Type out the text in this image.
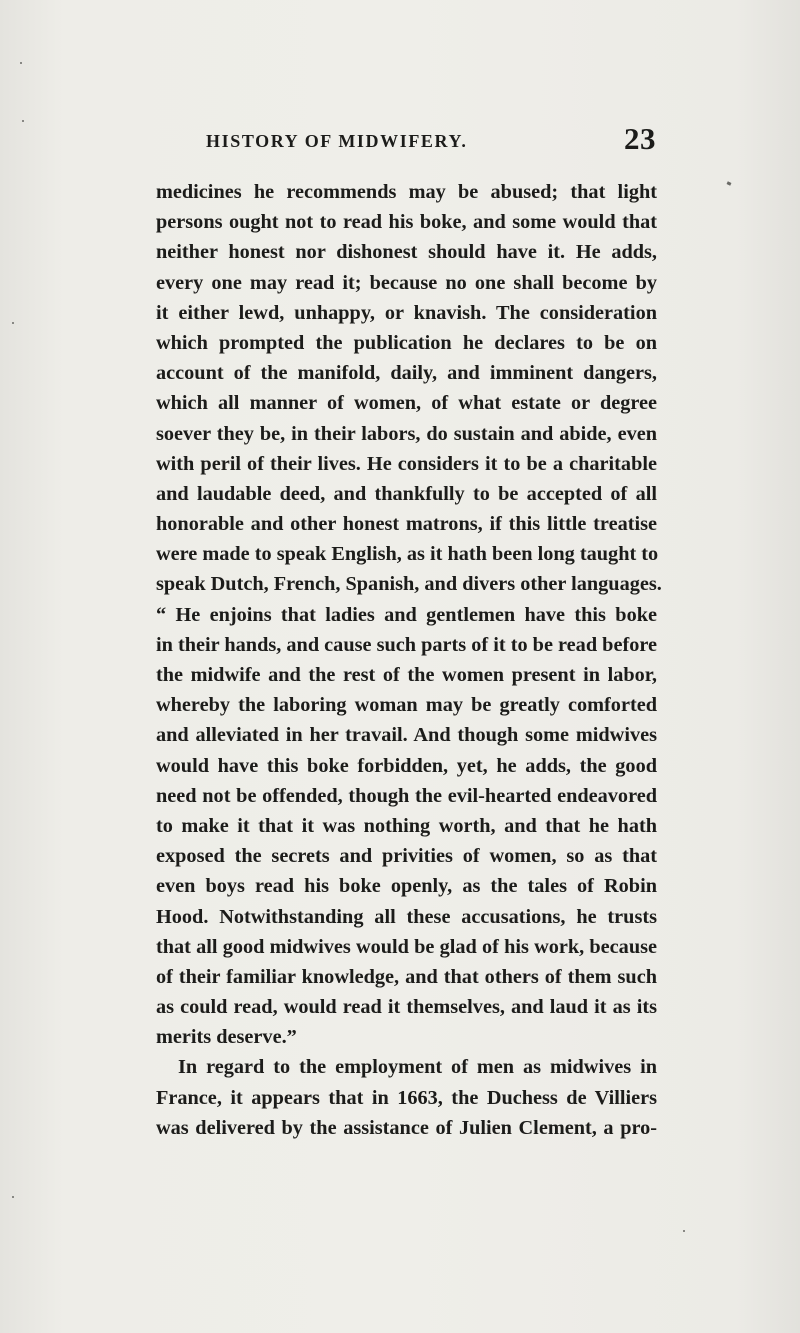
HISTORY OF MIDWIFERY.	23
medicines he recommends may be abused; that light
persons ought not to read his boke, and some would that
neither honest nor dishonest should have it. He adds,
every one may read it; because no one shall become by
it either lewd, unhappy, or knavish. The consideration
which prompted the publication he declares to be on
account of the manifold, daily, and imminent dangers,
which all manner of women, of what estate or degree
soever they be, in their labors, do sustain and abide, even
with peril of their lives. He considers it to be a charitable
and laudable deed, and thankfully to be accepted of all
honorable and other honest matrons, if this little treatise
were made to speak English, as it hath been long taught to
speak Dutch, French, Spanish, and divers other languages.
“ He enjoins that ladies and gentlemen have this boke
in their hands, and cause such parts of it to be read before
the midwife and the rest of the women present in labor,
whereby the laboring woman may be greatly comforted
and alleviated in her travail. And though some midwives
would have this boke forbidden, yet, he adds, the good
need not be offended, though the evil-hearted endeavored
to make it that it was nothing worth, and that he hath
exposed the secrets and privities of women, so as that
even boys read his boke openly, as the tales of Robin
Hood. Notwithstanding all these accusations, he trusts
that all good midwives would be glad of his work, because
of their familiar knowledge, and that others of them such
as could read, would read it themselves, and laud it as its
merits deserve.”
In regard to the employment of men as midwives in
France, it appears that in 1663, the Duchess de Villiers
was delivered by the assistance of Julien Clement, a pro-
